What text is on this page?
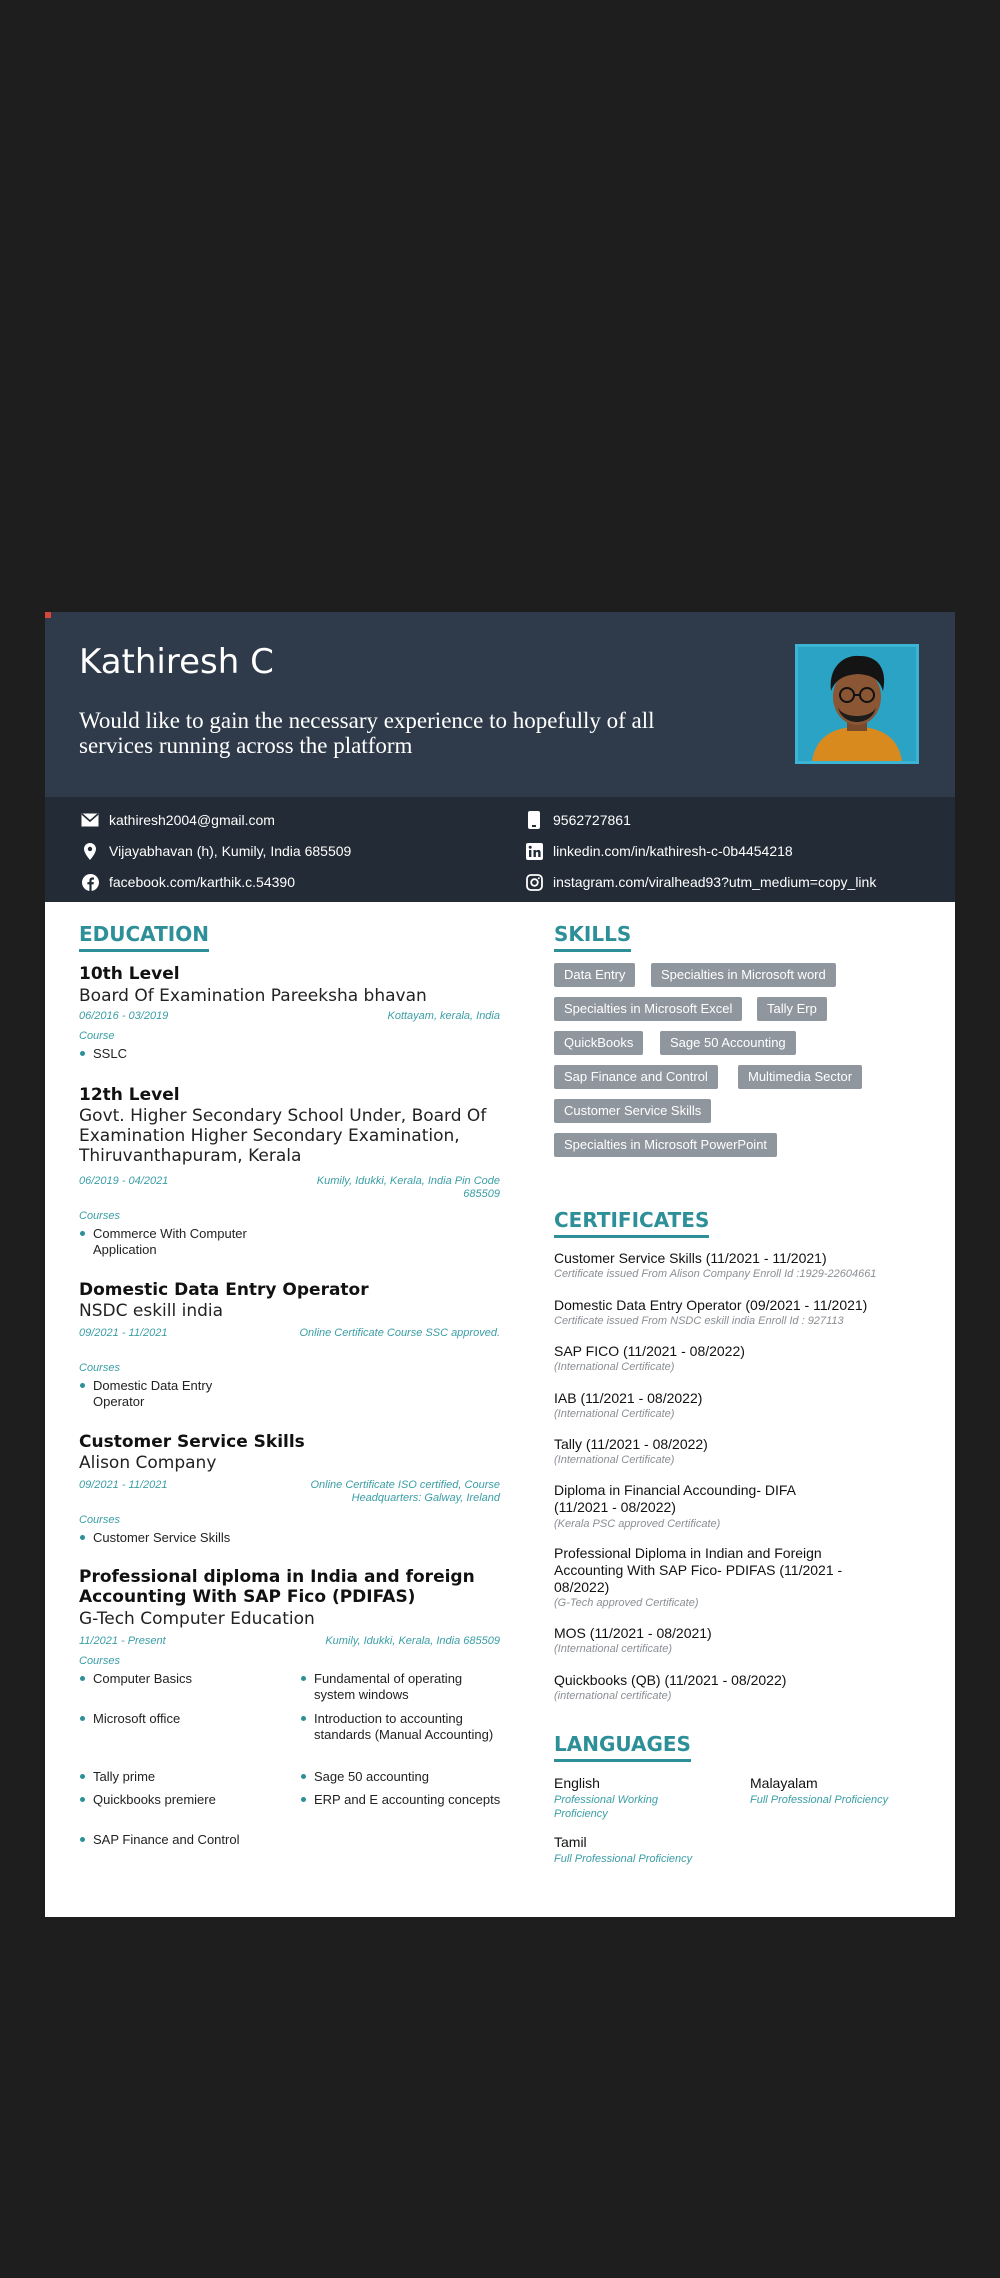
Kathiresh C
Would like to gain the necessary experience to hopefully of all services running across the platform
kathiresh2004@gmail.com
Vijayabhavan (h), Kumily, India 685509
facebook.com/karthik.c.54390
9562727861
linkedin.com/in/kathiresh-c-0b4454218
instagram.com/viralhead93?utm_medium=copy_link
EDUCATION
10th Level
Board Of Examination Pareeksha bhavan
06/2016 - 03/2019	Kottayam, kerala, India
Course
SSLC
12th Level
Govt. Higher Secondary School Under, Board Of Examination Higher Secondary Examination, Thiruvanthapuram, Kerala
06/2019 - 04/2021	Kumily, Idukki, Kerala, India Pin Code 685509
Courses
Commerce With Computer Application
Domestic Data Entry Operator
NSDC eskill india
09/2021 - 11/2021	Online Certificate Course SSC approved.
Courses
Domestic Data Entry Operator
Customer Service Skills
Alison Company
09/2021 - 11/2021	Online Certificate ISO certified, Course Headquarters: Galway, Ireland
Courses
Customer Service Skills
Professional diploma in India and foreign Accounting With SAP Fico (PDIFAS)
G-Tech Computer Education
11/2021 - Present	Kumily, Idukki, Kerala, India 685509
Courses
Computer Basics	Fundamental of operating system windows
Microsoft office	Introduction to accounting standards (Manual Accounting)
Tally prime	Sage 50 accounting
Quickbooks premiere	ERP and E accounting concepts
SAP Finance and Control
SKILLS
Data Entry	Specialties in Microsoft word
Specialties in Microsoft Excel	Tally Erp
QuickBooks	Sage 50 Accounting
Sap Finance and Control	Multimedia Sector
Customer Service Skills
Specialties in Microsoft PowerPoint
CERTIFICATES
Customer Service Skills (11/2021 - 11/2021)
Certificate issued From Alison Company Enroll Id :1929-22604661
Domestic Data Entry Operator (09/2021 - 11/2021)
Certificate issued From NSDC eskill india Enroll Id : 927113
SAP FICO (11/2021 - 08/2022)
(International Certificate)
IAB (11/2021 - 08/2022)
(International Certificate)
Tally (11/2021 - 08/2022)
(International Certificate)
Diploma in Financial Accounding- DIFA (11/2021 - 08/2022)
(Kerala PSC approved Certificate)
Professional Diploma in Indian and Foreign Accounting With SAP Fico- PDIFAS (11/2021 - 08/2022)
(G-Tech approved Certificate)
MOS (11/2021 - 08/2021)
(International certificate)
Quickbooks (QB) (11/2021 - 08/2022)
(international certificate)
LANGUAGES
English
Professional Working Proficiency
Malayalam
Full Professional Proficiency
Tamil
Full Professional Proficiency
